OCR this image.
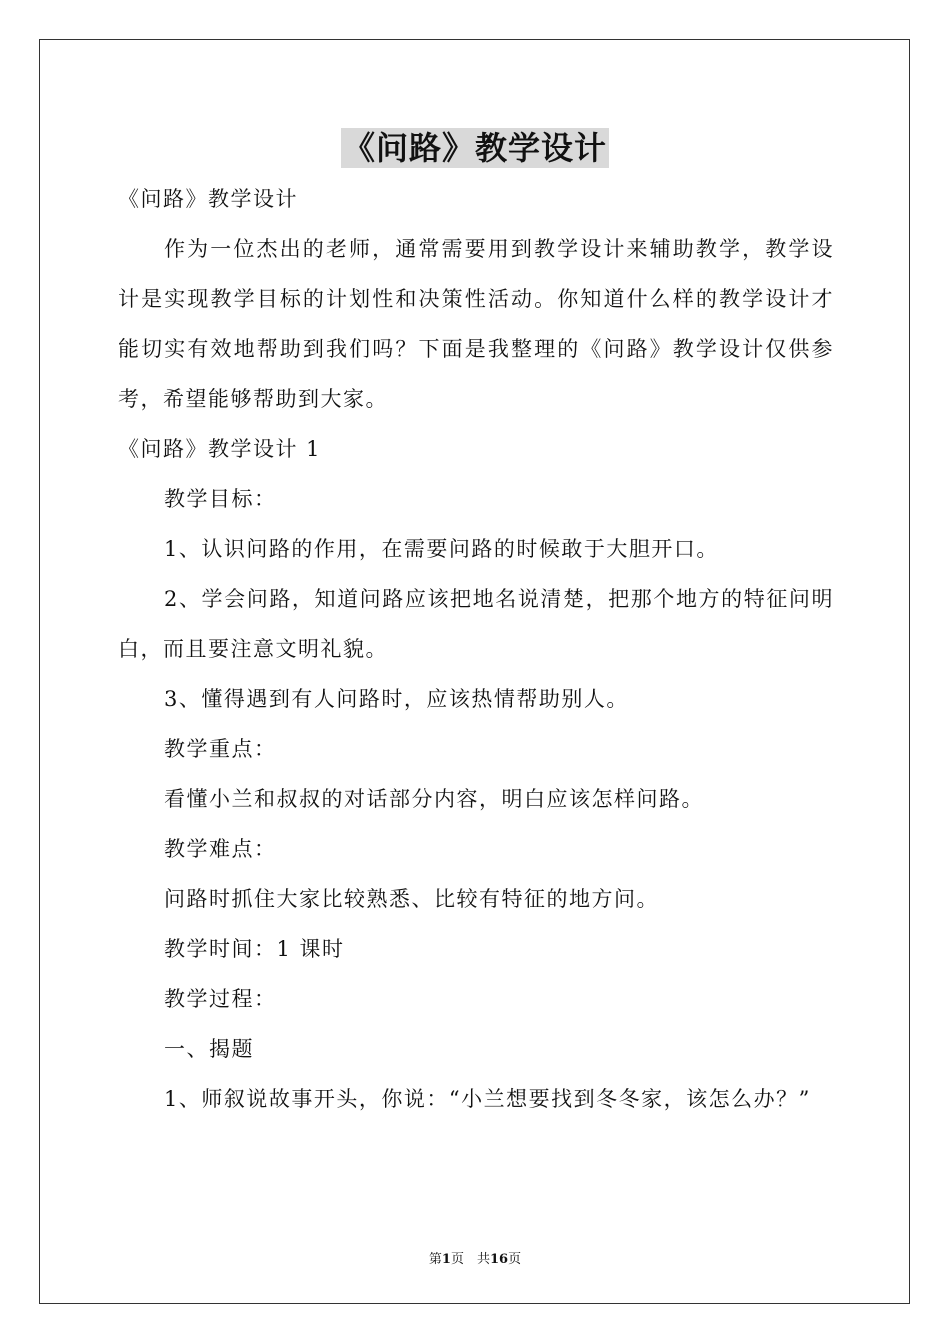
《问路》教学设计

《问路》教学设计

作为一位杰出的老师，通常需要用到教学设计来辅助教学，教学设计是实现教学目标的计划性和决策性活动。你知道什么样的教学设计才能切实有效地帮助到我们吗？下面是我整理的《问路》教学设计仅供参考，希望能够帮助到大家。

《问路》教学设计 1

教学目标：

1、认识问路的作用，在需要问路的时候敢于大胆开口。

2、学会问路，知道问路应该把地名说清楚，把那个地方的特征问明白，而且要注意文明礼貌。

3、懂得遇到有人问路时，应该热情帮助别人。

教学重点：

看懂小兰和叔叔的对话部分内容，明白应该怎样问路。

教学难点：

问路时抓住大家比较熟悉、比较有特征的地方问。

教学时间：1 课时

教学过程：

一、揭题

1、师叙说故事开头，你说：“小兰想要找到冬冬家，该怎么办？”

第1页　共16页
